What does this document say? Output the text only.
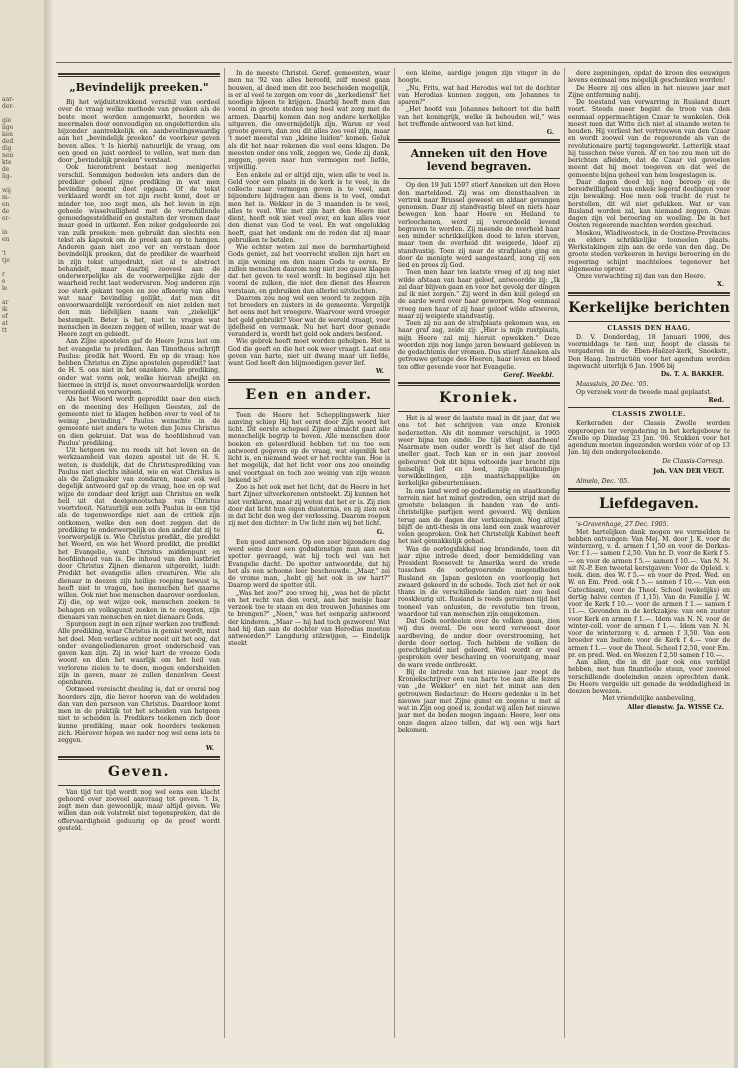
aar-
der-

gie
iige
ken
ded
dig
nen
kte
de
lig-

wij
m-
en
de
er-

in
en

't
tje

r
e
le

ar
ik
of
at
tt
„Bevindelijk preeken."

Bij het wijduitstrekkend verschil van oordeel over de vraag welke methode van preeken als de beste moet worden aangemerkt, hoorden we meermalen door eenvoudigen en ongeletterden als bijzonder aantrekkelijk en aanbevelingswaardig aan het „bevindelijk preeken" de voorkeur geven boven alles. 't Is hierbij natuurlijk de vraag, om een goed en juist oordeel te vellen, wat men dan door „bevindelijk preeken" verstaat.

Ook hieromtrent bestaat nog menigerlei verschil. Sommigen bedoelen iets anders dan de prediker geheel zijne prediking in wat men bevinding noemt doet opgaan. Of de tekst verklaard wordt en tot zijn recht komt, doet er minder toe, zoo zegt men, als het leven in zijn geheele wisselvalligheid met de verschillende gemoedsgesteldheid en gestalten der vromen daar maar goed in uitkomt. Een zeker godgeleerde zei van zulk preeken: men gebruikt dan slechts een tekst als kapstok om de preek aan op te hangen. Anderen gaan niet zoo ver en verstaan door bevindelijk preeken, dat de prediker de waarheid in zijn tekst uitgedrukt, niet al te abstract behandelt, maar daarbij zooveel aan de onderwerpelijke als de voorwerpelijke zijde der waarheid recht laat wedervaren. Nog anderen zijn zoo sterk gekant tegen en zoo afkeerig van alles wat naar bevinding gelijkt, dat men dit onvoorwaardelijk veroordeelt en niet zelden met den min liefelijken naam van „ziekelijk" bestempelt. Beter is het, niet te vragen wat menschen in deezen zeggen of willen, maar wat de Heere zegt en gebiedt.

Aan Zijne apostelen gaf de Heere Jezus last om het evangelie te prediken. Aan Timotheus schrijft Paulus: predik het Woord. En op de vraag: hoe hebben Christus en Zijne apostelen gepredikt? laat de H. S. ons niet in het onzekere. Alle prediking, onder wat vorm ook, welke hiervan afwijkt en hiermee in strijd is, moet onvoorwaardelijk worden veroordeeld en verworpen.

Als het Woord wordt gepredikt naar den eisch en de meening des Heiligen Geestes, zal de gemeente niet te klagen hebben over te veel of te weinig „bevinding." Paulus wenschte in de gemeente niet anders te weten dan Jezus Christus en dien gekruist. Dat was de hoofdinhoud van Paulus' prediking.

Uit hetgeen we nu reeds uit het leven en de werkzaamheid van dezen apostel uit de H. S. weten, is duidelijk, dat de Christusprediking van Paulus niet slechts inhield, wie en wat Christus is als de Zaligmaker van zondaren, maar ook wel degelijk antwoord gaf op de vraag, hoe en op wat wijze de zondaar deel krijgt aan Christus en welk heil uit dat deelgenootschap van Christus voortvloeit. Natuurlijk een zelfs Paulus in een tijd als de tegenwoordige niet aan de critiek zijn ontkomen, welke den een doet zeggen dat de prediking te onderwerpelijk en den ander dat zij te voorwerpelijk is. Wie Christus predikt, die predikt het Woord, en wie het Woord predikt, die predikt het Evangelie, want Christus middenpunt en hoofdinhoud van is. De inhoud van den lastbrief door Christus Zijnen dienaren uitgereikt, luidt: Predikt het evangelie allen creaturen. Wie als dienaar in deezen zijn heilige roeping bewust is, heeft niet te vragen, hoe menschen het gaarne willen. Ook niet hoe menschen daarover oordeelen. Zij die, op wat wijze ook, menschen zoeken te behagen en volksgunst zoeken in te oogsten, zijn dienaars van menschen en niet dienaars Gods.

Spurgeon zegt in een zijner werken zoo treffend: Alle prediking, waar Christus in gemist wordt, mist het doel. Men verliese echter nooit uit het oog, dat onder evangeliedienaren groot onderscheid van gaven kan zijn. Zij in wier hart de vreeze Gods woont en dien het waarlijk om het heil van verlorene zielen te te doen, mogen ondersheiden zijn in gaven, maar ze zullen denzelven Geest openbaren.

Ootmoed vereischt dwaling is, dat er overal nog hoorders zijn, die liever hooren van de weldaden dan van den persoon van Christus. Daardoor komt men in de praktijk tot het scheiden van hetgeen niet te scheiden is. Predikers teekenen zich door kunne prediking, maar ook hoorders teekenen zich. Hierover hopen we nader nog wel eens iets te zeggen.

W.
Geven.

Van tijd tot tijd wordt nog wel eens een klacht gehoord over zooveel aanvraag tot geven. 't Is, zegt men dan gewoonlijk, maar altijd geven. We willen dan ook volstrekt niet tegenspreken, dat de offervaardigheid geduurig op de proef wordt gesteld.

In de meeste Christel. Geref. gemeenten, waar men na '92 van alles beroofd, zelf moest gaan bouwen, al deed men dit zoo bescheiden mogelijk, is er al veel te zorgen om voor de „kerkedienst" het noodige bijeen te krijgen. Daarbij heeft men dan vooral in groote steden nog heel wat zorg met de armen. Daarbij komen dan nog andere kerkelijke uitgaven, die onvermijdelijk zijn. Waren er veel groote gevers, dan zou dit alles zoo veel zijn, maar 't moet meestal van „kleine luiden" komen. Geluk als dit het naar rekenen die veel eens klagen. De meesten onder ons volk, zeggen we, Gode zij dank, zeggen, geven naar hun vermogen met liefde, vrijwillig.

Een enkele zal er altijd zijn, wien alle te veel is. Geld voor een plaats in de kerk is te veel, in de collecte naar vermogen geven is te veel, aan bijzondere bijdragen aan diens is te veel, omdat men het is. Wekker in de 3 maanden is te veel, alles te veel. Wie met zijn hart den Heere niet dient, heeft ook niet veel over, en kan alles voor den dienst van God te veel. En wat ongelukkig heeft, gaat het ondank om de reden dat zij maar gebruiken te betalen.

Wie echter weten zal mee de barmhartigheid Gods geniet, zal het voorrecht stellen zijn hart en in zijn woning om den naam Gods te eeren. Er zullen menschen daarom nog niet zoo gauw klagen dat het geven te veel wordt. In beginsel zijn het vooral de zulken, die niet den dienst des Heeren verstaan, en gebruiken dan allerlei uitvluchten.

Daarom zou nog wel een woord te zeggen zijn tot broeders en zusters in de gemeente. Vergelijk het eens met het vroegere. Waarvoor werd vroeger het geld gebruikt? Voor wat de wereld vraagt, voor ijdelheid en vermaak. Nu het hart door genade veranderd is, wordt het geld ook anders besteed.

Wie gebrek heeft moet worden geholpen. Het is God die geeft en die het ook weer vraagt. Laat ons geven van harte, niet uit dwang maar uit liefde, want God heeft den blijmoedigen gever lief.

W.
Een en ander.

Toen de Heere het Schepplingswerk hier aanving schiep Hij het eerst door Zijn woord het licht. Dit eerste schepsel Zijner almacht gaat alle menschelijk begrip te boven. Alle menschen door boeken en geleerdheid hebben tot nu toe een antwoord gegeven op de vraag, wat eigenlijk het licht is, en niemand weet er het rechte van. Hoe is het mogelijk, dat het licht voor ons zoo oneindig snel voortgaat en toch zoo weinig van zijn wezen bekend is?

Zoo is het ook met het licht, dat de Heere in het hart Zijner uitverkorenen ontsteekt. Zij kunnen het niet verklaren, maar zij weten dat het er is. Zij zien door dat licht hun eigen duisternis, en zij zien ook in dat licht den weg der verlossing. Daarom roepen zij met den dichter: in Uw licht zien wij het licht.

G.

Een goed antwoord. Op een zeer bijzondere dag werd eens door een godsdienstige man aan een spotter gevraagd, wat hij toch wel van het Evangelie dacht. De spotter antwoordde, dat hij het als een schoone leer beschouwde. „Maar," zei de vrome man, „hebt gij het ook in uw hart?" Daarop werd de spotter stil.

„Was het zoo?" zoo vroeg hij, „was het de plicht en het recht van den vorst, aan het meisje haar verzoek toe te staan en den trouwen Johannes om te brengen?" „Neen," was het eenparig antwoord der kinderen. „Maar — hij had toch gezworen! Wat had hij dan aan de dochter van Herodias moeten antwoorden?" Langdurig stilzwijgen, — Eindelijk steekt

een kleine, aardige jongen zijn vinger in de hoogte.

„Nu, Frits, wat had Herodes wel tot de dochter van Herodias kunnen zeggen, om Johannes te sparen?"

„Het hoofd van Johannes behoort tot die helft van het koningrijk, welke ik behouden wil," was het treffende antwoord van het kind.

G.
Anneken uit den Hove levend begraven.

Op den 19 Juli 1597 stierf Anneken uit den Hove den marteldood. Zij was om diensthaalven in vertrek naar Brussel geweest en aldaar gevangen genomen. Daar zij standvastig bleef en niets haar bewegen kon haar Heere en Heiland te verloochenen, werd zij veroordeeld levend begraven te worden. Zij meende de overheid haar een minder schrikkelijken dood te laten sterven, maar toen de overheid dit weigerde, bleef zij standvastig. Toen zij naar de strafplaats ging en door de menigte werd aangestaard, zong zij een lied en prees zij God.

Toen men haar ten laatste vroeg of zij nog niet wilde afstaan van haar geloof, antwoordde zij: „Ik zal daar blijven gaan en voor het gevolg der dingen zal ik niet zorgen." Zij werd in den kuil gelegd en de aarde werd over haar geworpen. Nog eenmaal vroeg men haar of zij haar geloof wilde afzweren, maar zij weigerde standvastig.

Toen zij nu aan de strafplaats gekomen was, en haar graf zag, zeide zij: „Hier is mijn rustplaats, mijn Heere zal mij hieruit opwekken." Deze woorden zijn nog lange jaren bewaard gebleven in de gedachtenis der vromen. Dus stierf Anneken als getrouwe getuige des Heeren, haar leven en bloed ten offer gevende voor het Evangelie.

Geref. Weekbl.
Kroniek.

Het is al weer de laatste maal in dit jaar, dat we ons tot het schrijven van onze Kroniek nederzetten. Als dit nommer verschijnt, is 1905 weer bijna ten einde. De tijd vliegt daarheen! Naarmate men ouder wordt is het alsof de tijd sneller gaat. Toch kan er in een jaar zooveel gebeuren! Ook dit bijna voltooide jaar bracht zijn huiselijk lief en leed, zijn staatkundige verwikkelingen, zijn maatschappelijke en kerkelijke gebeurtenissen.

In ons land werd op godsdienstig en staatkundig terrein niet het minst gestreden, een strijd met de grootste belangen in handen van de anti-christelijke partijen werd gevoerd. Wij denken terug aan de dagen der verkiezingen. Nog altijd blijft de anti-thesis in ons land een zaak waarover velen gesproken. Ook het Christelijk Kabinet heeft het niet gemakkelijk gehad.

Was de oorlogsfakkel nog brandende, toen dit jaar zijne intrede deed, door bemiddeling van President Roosevelt te Amerika werd de vrede tusschen de oorlogvoerende mogendheden Rusland en Japan gesloten en voorloopig het zwaard gekeerd in de schede. Toch ziet het er ook thans in de verschillende landen niet zoo heel rooskleurig uit. Rusland is reeds geruimen tijd het tooneel van onlusten, de revolutie ten troon, waardoor tal van menschen zijn omgekomen.

Dat Gods oordeelen over de volken gaan, zien wij dus overal. De een werd verwoest door aardbeving, de ander door overstrooming, het derde door oorlog. Toch hebben de volken de gerechtigheid niet geleerd. Wel wordt er veel gesproken over beschaving en vooruitgang, maar de ware vrede ontbreekt.

Bij de intrede van het nieuwe jaar roept de Kroniekschrijver een van harte toe aan alle lezers van „de Wekker" en niet het minst aan den getrouwen Redacteur: de Heere gedenke u in het nieuwe jaar met Zijne gunst en zegene u met al wat in Zijn oog goed is, zoodat wij allen het nieuwe jaar met de beden mogen ingaan: Heere, leer ons onze dagen alzoo tellen, dat wij een wijs hart bekomen.

dere zegeningen, opdat de kroon des eeuwigen levens eenmaal ons mogelijk geschonken worden!

De Heere zij ons allen in het nieuwe jaar met Zijne ontferming nabij.

De toestand van verwarring in Rusland duurt voort. Steeds meer begint de troon van den eenmaal oppermachtigen Czaar te wankelen. Ook moest men dat Witte zich niet al staande weten te houden. Hij verliest het vertrouwen van den Czaar en wordt zoowel van de regeerende als van de revolutionaire partij tegengewerkt. Letterlijk staat hij tusschen twee vuren. Af en toe zou men uit de berichten afleiden, dat de Czaar vol gevoelen meent dat hij moet toegeven en dat wel de gemeente bijna geheel van hem losgeslagen is.

Daar dagen deed hij nog beroep op de bereidwilligheid van enkele legeraf deelingen voor zijn bewaking. Hoe men ook tracht de rust te herstellen, dit wil niet gelukken. Wat er van Rusland worden zal, kan niemand zeggen. Onze dagen zijn vol beroering en woeling. De in het Oosten regeerende machten worden geschud.

Moskou, Wladiwostock, in de Oostzee-Provincies en elders schrikkelijke tooneelen plaats. Werkstakingen zijn aan de orde van den dag. De groote steden verkeeren in hevige beroering en de regeering schijnt machteloos tegenover het algemeene oproer.

Onze verwachting zij dan van den Heere.

X.
Kerkelijke berichten
CLASSIS DEN HAAG.

D. V. Donderdag, 18 Januari 1906, des voormiddags te tien uur, hoopt de classis te vergaderen in de Eben-Haëzer-kerk, Snoekstr., Den Haag. Instructiën voor het agendum worden ingewacht uiterlijk 6 Jan. 1906 bij

Ds. T. A. BAKKER.

Maassluis, 20 Dec. '05.

Op verzoek voor de tweede maal geplaatst.

Red.
CLASSIS ZWOLLE.

Kerkeraden der Classis Zwolle worden opgeroepen ter vergadering in het kerkgebouw te Zwolle op Dinsdag 23 Jan. '06. Stukken voor het agendum moeten ingezonden worden vóór of op 13 Jan. bij den ondergeteekende.

De Classis-Corresp.
Joh. VAN DER VEGT.

Almelo, Dec. '05.

Liefdegaven.

's-Gravenhage, 27 Dec. 1905.

Met hartelijken dank mogen we vermelden te hebben ontvangen: Van Mej. M. door J. K. voor de winterzorg, v. d. armen f 1,50 en voor de Dorkas-Ver. f 1.— samen f 2,50. Van hr. D. voor de Kerk f 5.— en voor de armen f 5.— samen f 10.—. Van N. N. uit N.-P. Een tweetal kerstgaven: Voor de Opleid. v. toek. dien. des W. f 5.— en voor de Pred. Wed. en W. en Em. Pred. ook f 5.— samen f 10.—. Van een Catechisant, voor de Theol. School (wekelijks) en dertig halve centen (f 1,15). Van de Familie J. W. voor de Kerk f 10.— voor de armen f 1.— samen f 11.—. Gevonden in de kerkzakjes: van een zuster voor Kerk en armen f 1.—. Idem van N. N. voor de winter-coll. voor de armen f 1.—. Idem van N. N. voor de winterzorg v. d. armen f 3,50. Van een broeder van buiten: voor de Kerk f 4.— voor de armen f 1.— voor de Theol. School f 2,50, voor Em. pr. en pred. Wed. en Weezen f 2,50 samen f 10.—.

Aan allen, die in dit jaar ook ons verblijd hebben, met hun finantieële steun, voor zooveel verschillende doeleinden onzen oprechten dank. De Heere vergelde uit genade de weldadigheid in deezen bewezen.

Met vriendelijke aanbeveling,

Aller dienstw. Ja. WISSE Cz.
